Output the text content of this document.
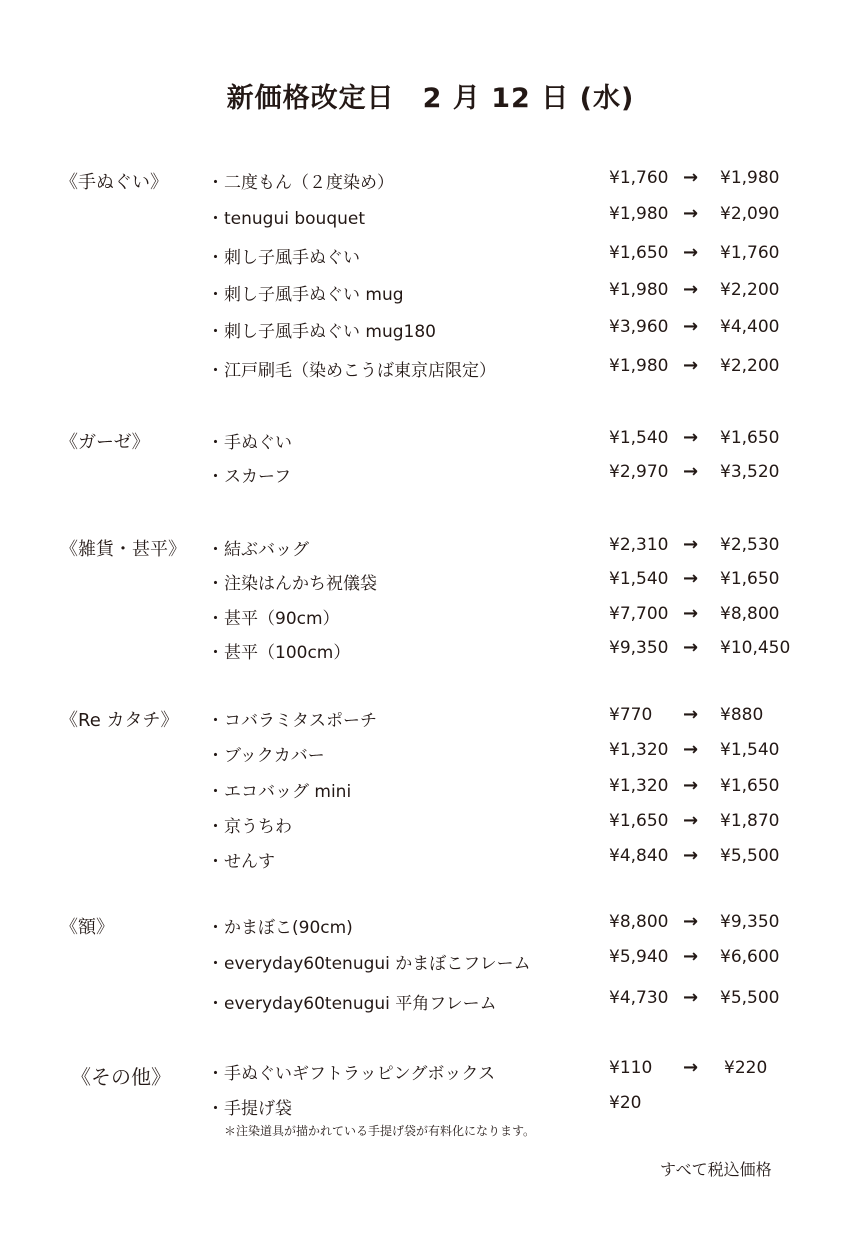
新価格改定日　2 月 12 日 (水)
《手ぬぐい》 ・二度もん（２度染め）	¥1,760 → ¥1,980
・tenugui bouquet	¥1,980 → ¥2,090
・刺し子風手ぬぐい	¥1,650 → ¥1,760
・刺し子風手ぬぐい mug	¥1,980 → ¥2,200
・刺し子風手ぬぐい mug180	¥3,960 → ¥4,400
・江戸刷毛（染めこうば東京店限定）	¥1,980 → ¥2,200
《ガーゼ》	・手ぬぐい	¥1,540 → ¥1,650
・スカーフ	¥2,970 → ¥3,520
《雑貨・甚平》 ・結ぶバッグ	¥2,310 → ¥2,530
・注染はんかち祝儀袋	¥1,540 → ¥1,650
・甚平（90cm）	¥7,700 → ¥8,800
・甚平（100cm）	¥9,350 → ¥10,450
《Re カタチ》 ・コバラミタスポーチ	¥770 → ¥880
・ブックカバー	¥1,320 → ¥1,540
・エコバッグ mini	¥1,320 → ¥1,650
・京うちわ	¥1,650 → ¥1,870
・せんす	¥4,840 → ¥5,500
《額》	・かまぼこ(90cm)	¥8,800 → ¥9,350
・everyday60tenugui かまぼこフレーム	¥5,940 → ¥6,600
・everyday60tenugui 平角フレーム	¥4,730 → ¥5,500
《その他》 ・手ぬぐいギフトラッピングボックス	¥110 → ¥220
・手提げ袋	¥20
＊注染道具が描かれている手提げ袋が有料化になります。
すべて税込価格
